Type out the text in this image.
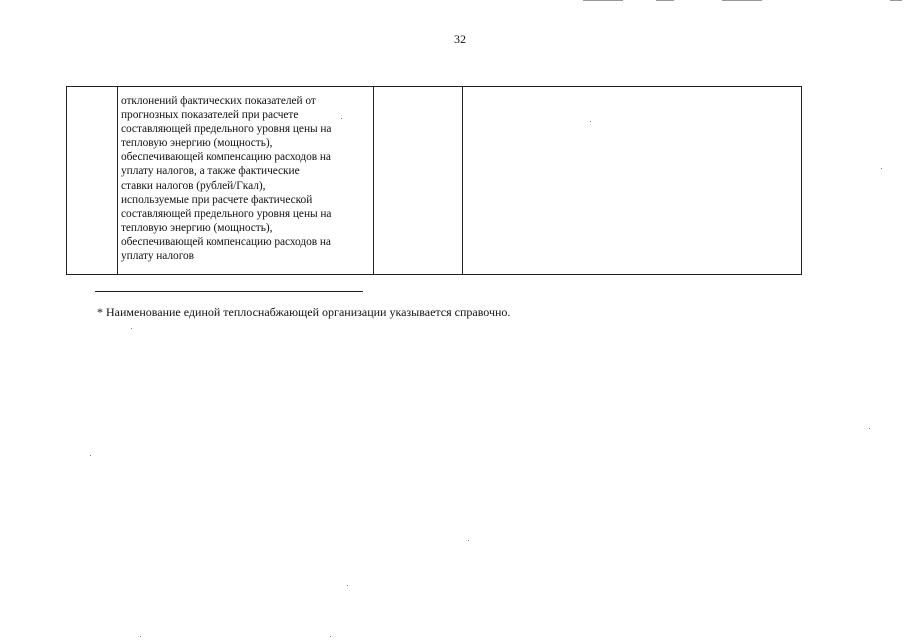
32
отклонений фактических показателей от
прогнозных показателей при расчете
составляющей предельного уровня цены на
тепловую энергию (мощность),
обеспечивающей компенсацию расходов на
уплату налогов, а также фактические
ставки налогов (рублей/Гкал),
используемые при расчете фактической
составляющей предельного уровня цены на
тепловую энергию (мощность),
обеспечивающей компенсацию расходов на
уплату налогов
* Наименование единой теплоснабжающей организации указывается справочно.
